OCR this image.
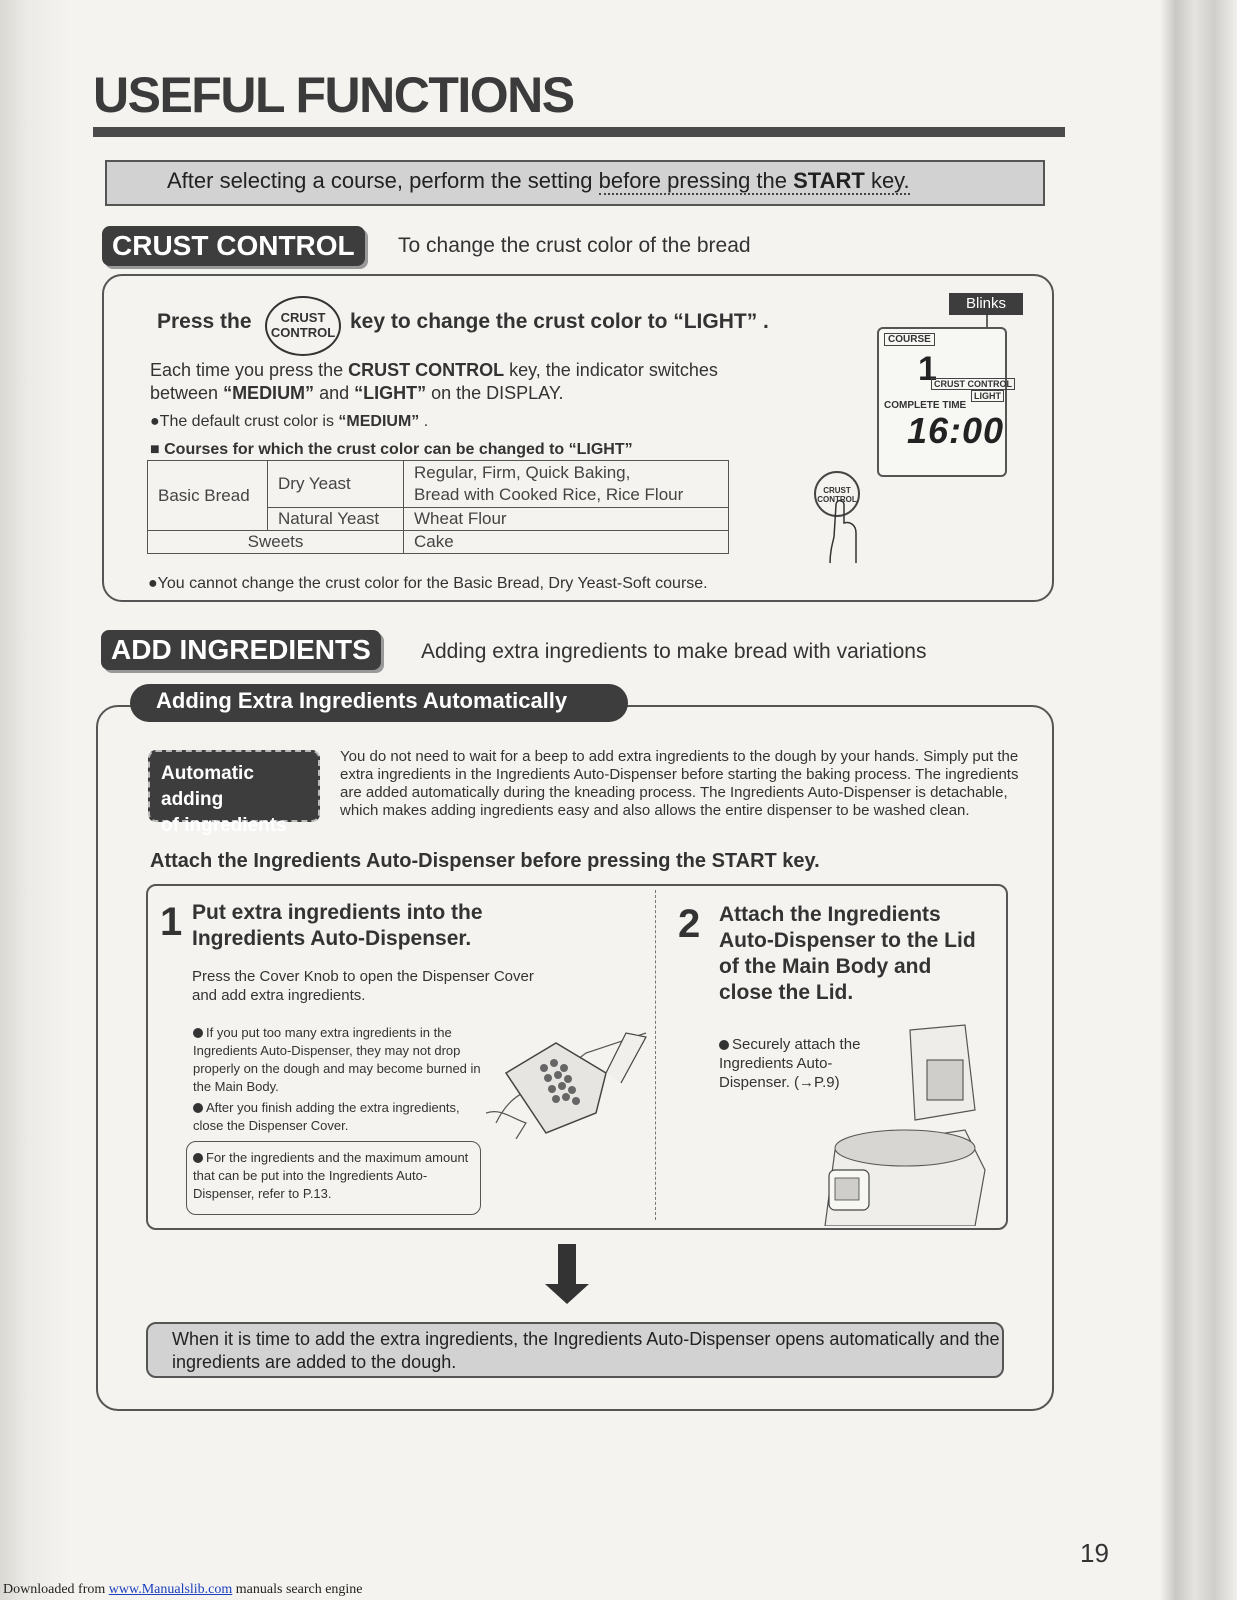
USEFUL FUNCTIONS
After selecting a course, perform the setting before pressing the START key.
CRUST CONTROL	To change the crust color of the bread
Press the	CRUST
CONTROL key to change the crust color to “LIGHT” .
Each time you press the CRUST CONTROL key, the indicator switches between “MEDIUM” and “LIGHT” on the DISPLAY.
●The default crust color is “MEDIUM” .
■ Courses for which the crust color can be changed to “LIGHT”
Basic Bread	Dry Yeast	Regular, Firm, Quick Baking,
Bread with Cooked Rice, Rice Flour

	Natural Yeast	Wheat Flour
Sweets		Cake
●You cannot change the crust color for the Basic Bread, Dry Yeast-Soft course.
Blinks
COURSE
1
CRUST CONTROL
LIGHT
COMPLETE TIME
16:00
CRUST
CONTROL
ADD INGREDIENTS	Adding extra ingredients to make bread with variations
Adding Extra Ingredients Automatically
Automatic adding
of ingredients
You do not need to wait for a beep to add extra ingredients to the dough by your hands. Simply put the extra ingredients in the Ingredients Auto-Dispenser before starting the baking process. The ingredients are added automatically during the kneading process. The Ingredients Auto-Dispenser is detachable, which makes adding ingredients easy and also allows the entire dispenser to be washed clean.
Attach the Ingredients Auto-Dispenser before pressing the START key.
1 Put extra ingredients into the Ingredients Auto-Dispenser.
Press the Cover Knob to open the Dispenser Cover and add extra ingredients.
If you put too many extra ingredients in the Ingredients Auto-Dispenser, they may not drop properly on the dough and may become burned in the Main Body.
After you finish adding the extra ingredients, close the Dispenser Cover.
For the ingredients and the maximum amount that can be put into the Ingredients Auto-Dispenser, refer to P.13.
2 Attach the Ingredients Auto-Dispenser to the Lid of the Main Body and close the Lid.
Securely attach the Ingredients Auto-Dispenser. (→P.9)
When it is time to add the extra ingredients, the Ingredients Auto-Dispenser opens automatically and the ingredients are added to the dough.
19
Downloaded from www.Manualslib.com manuals search engine
